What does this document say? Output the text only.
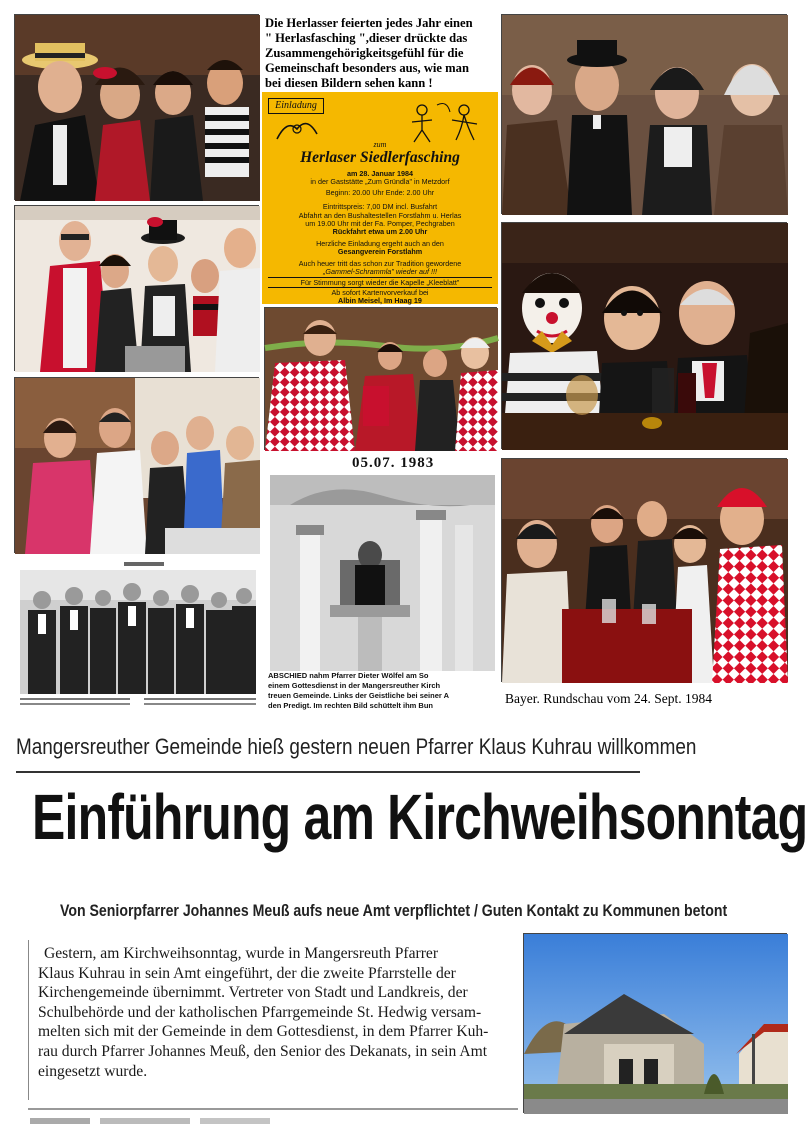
Die Herlasser feierten jedes Jahr einen
" Herlasfasching ",dieser drückte das
Zusammengehörigkeitsgefühl für die
Gemeinschaft besonders aus, wie man
bei diesen Bildern sehen kann !
Einladung
zum
Herlaser Siedlerfasching
am 28. Januar 1984
in der Gaststätte „Zum Gründla" in Metzdorf
Beginn: 20.00 Uhr Ende: 2.00 Uhr
Eintrittspreis: 7,00 DM incl. Busfahrt
Abfahrt an den Bushaltestellen Forstlahm u. Herlas
um 19.00 Uhr mit der Fa. Pomper, Pechgraben
Rückfahrt etwa um 2.00 Uhr
Herzliche Einladung ergeht auch an den
Gesangverein Forstlahm
Auch heuer tritt das schon zur Tradition gewordene
„Gammel-Schrammla" wieder auf !!!
Für Stimmung sorgt wieder die Kapelle „Kleeblatt"
Ab sofort Kartenvorverkauf bei
Albin Meisel, Im Haag 19
05.07. 1983
ABSCHIED nahm Pfarrer Dieter Wölfel am So
einem Gottesdienst in der Mangersreuther Kirch
treuen Gemeinde. Links der Geistliche bei seiner A
den Predigt. Im rechten Bild schüttelt ihm Bun	Bayer. Rundschau vom 24. Sept. 1984
Mangersreuther Gemeinde hieß gestern neuen Pfarrer Klaus Kuhrau willkommen
Einführung am Kirchweihsonntag
Von Seniorpfarrer Johannes Meuß aufs neue Amt verpflichtet / Guten Kontakt zu Kommunen betont
Gestern, am Kirchweihsonntag, wurde in Mangersreuth Pfarrer
Klaus Kuhrau in sein Amt eingeführt, der die zweite Pfarrstelle der
Kirchengemeinde übernimmt. Vertreter von Stadt und Landkreis, der
Schulbehörde und der katholischen Pfarrgemeinde St. Hedwig versam-
melten sich mit der Gemeinde in dem Gottesdienst, in dem Pfarrer Kuh-
rau durch Pfarrer Johannes Meuß, den Senior des Dekanats, in sein Amt
eingesetzt wurde.
